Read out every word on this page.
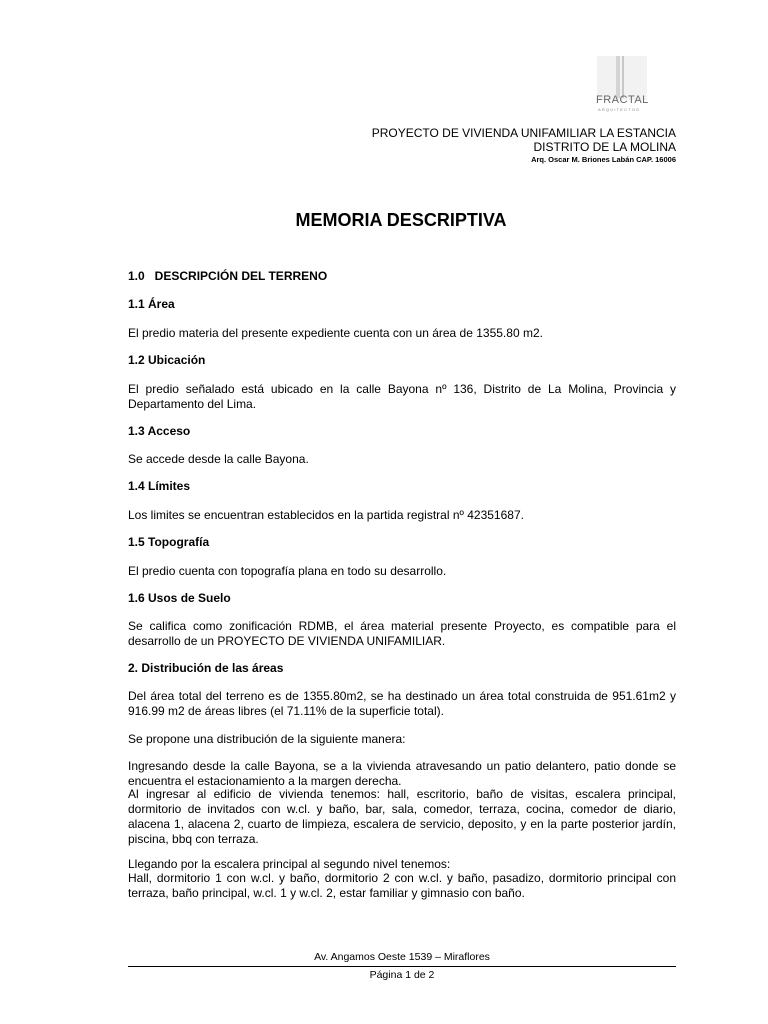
FRACTAL
ARQUITECTOS
PROYECTO DE VIVIENDA UNIFAMILIAR LA ESTANCIA
DISTRITO DE LA MOLINA
Arq. Oscar M. Briones Labán CAP. 16006
MEMORIA DESCRIPTIVA
1.0   DESCRIPCIÓN DEL TERRENO
1.1 Área
El predio materia del presente expediente cuenta con un área de 1355.80 m2.
1.2 Ubicación
El predio señalado está ubicado en la calle Bayona nº 136, Distrito de La Molina, Provincia y Departamento del Lima.
1.3 Acceso
Se accede desde la calle Bayona.
1.4 Límites
Los limites se encuentran establecidos en la partida registral nº 42351687.
1.5 Topografía
El predio cuenta con topografía plana en todo su desarrollo.
1.6 Usos de Suelo
Se califica como zonificación RDMB, el área material presente Proyecto, es compatible para el desarrollo de un PROYECTO DE VIVIENDA UNIFAMILIAR.
2. Distribución de las áreas
Del área total del terreno es de 1355.80m2, se ha destinado un área total construida de 951.61m2 y 916.99 m2 de áreas libres (el 71.11% de la superficie total).
Se propone una distribución de la siguiente manera:
Ingresando desde la calle Bayona, se a la vivienda atravesando un patio delantero, patio donde se encuentra el estacionamiento a la margen derecha.
Al ingresar al edificio de vivienda tenemos: hall, escritorio, baño de visitas, escalera principal, dormitorio de invitados con w.cl. y baño, bar, sala, comedor, terraza, cocina, comedor de diario, alacena 1, alacena 2, cuarto de limpieza, escalera de servicio, deposito, y en la parte posterior jardín, piscina, bbq con terraza.
Llegando por la escalera principal al segundo nivel tenemos:
Hall, dormitorio 1 con w.cl. y baño, dormitorio 2 con w.cl. y baño, pasadizo, dormitorio principal con terraza, baño principal, w.cl. 1 y w.cl. 2, estar familiar y gimnasio con baño.
Av. Angamos Oeste 1539 – Miraflores
Página 1 de 2
